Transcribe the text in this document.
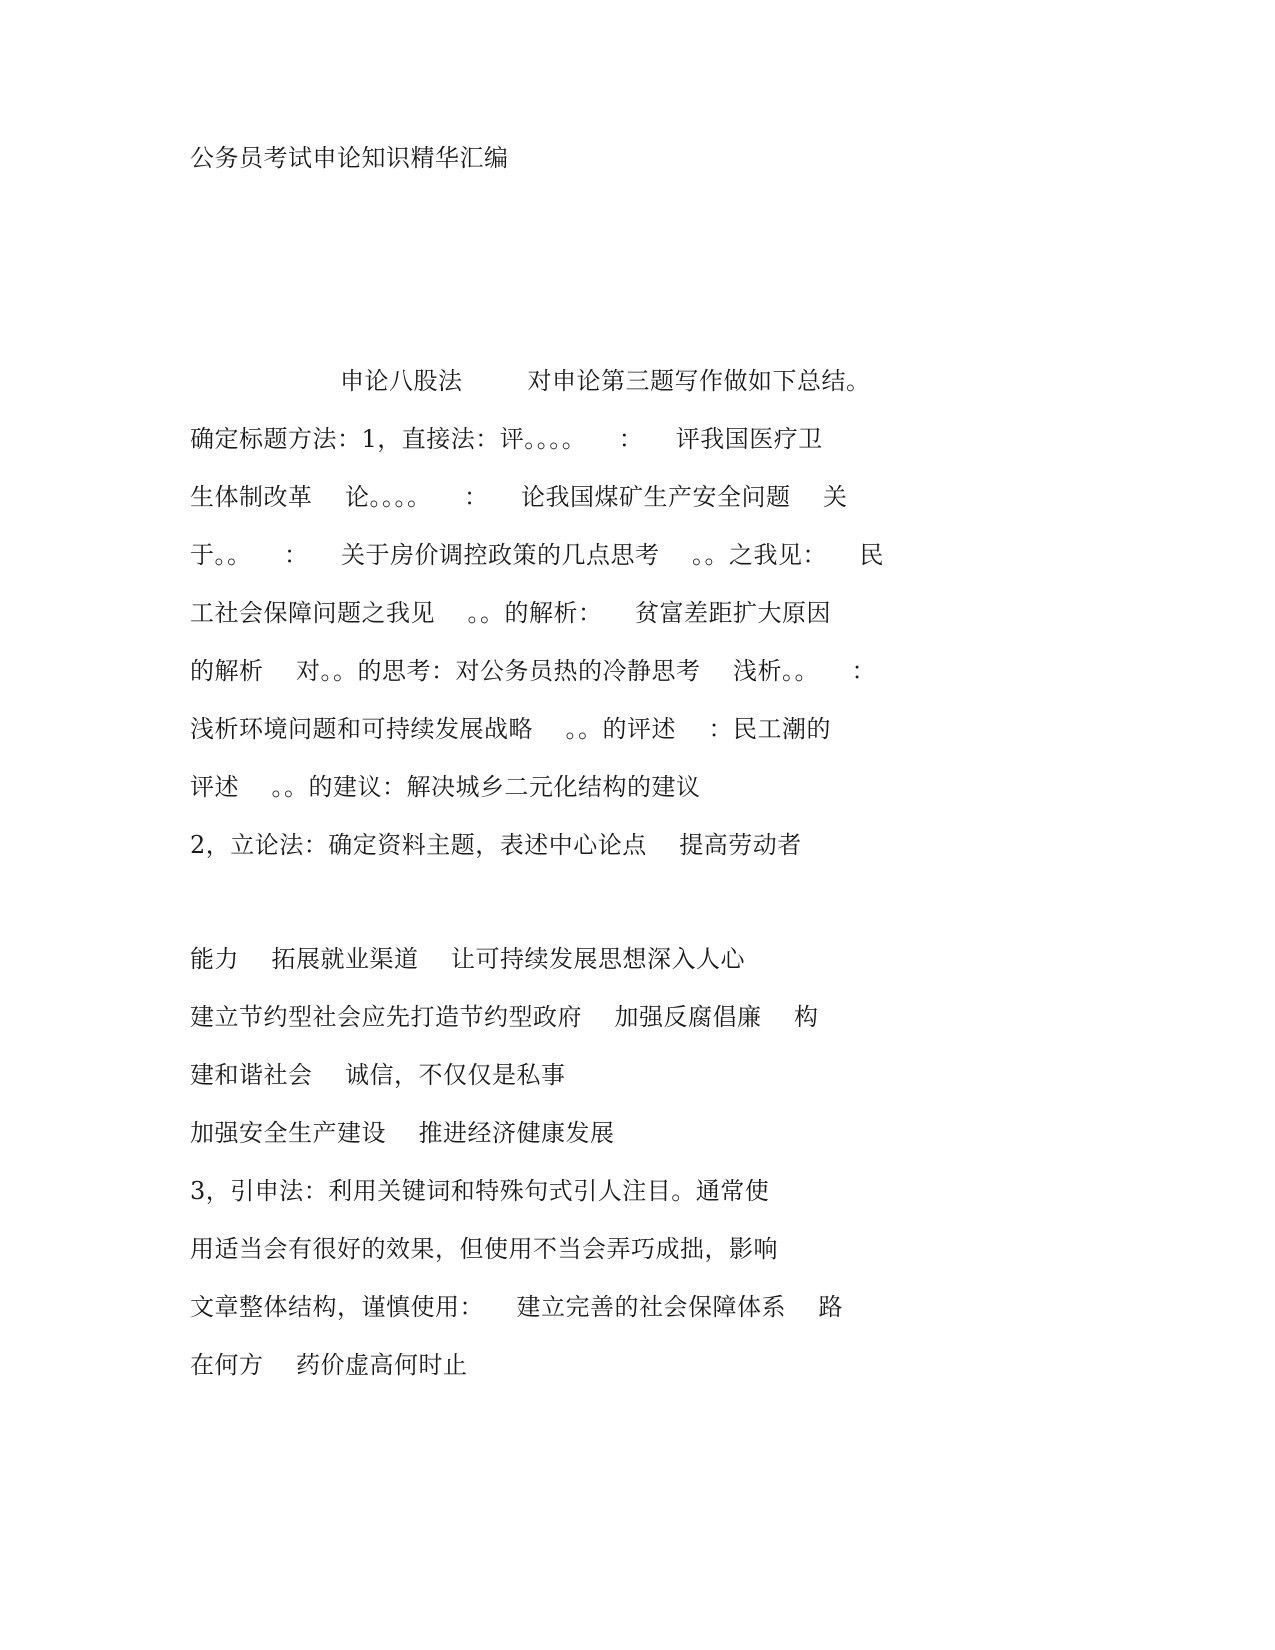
公务员考试申论知识精华汇编
申论八股法        对申论第三题写作做如下总结。
确定标题方法：1，直接法：评。。。。    ：    评我国医疗卫
生体制改革    论。。。。    ：    论我国煤矿生产安全问题    关
于。。    ：    关于房价调控政策的几点思考    。。之我见：    民
工社会保障问题之我见    。。的解析：    贫富差距扩大原因
的解析    对。。的思考：对公务员热的冷静思考    浅析。。    ：
浅析环境问题和可持续发展战略    。。的评述    ：民工潮的
评述    。。的建议：解决城乡二元化结构的建议
2，立论法：确定资料主题，表述中心论点    提高劳动者
能力    拓展就业渠道    让可持续发展思想深入人心
建立节约型社会应先打造节约型政府    加强反腐倡廉    构
建和谐社会    诚信，不仅仅是私事
加强安全生产建设    推进经济健康发展
3，引申法：利用关键词和特殊句式引人注目。通常使
用适当会有很好的效果，但使用不当会弄巧成拙，影响
文章整体结构，谨慎使用：    建立完善的社会保障体系    路
在何方    药价虚高何时止
